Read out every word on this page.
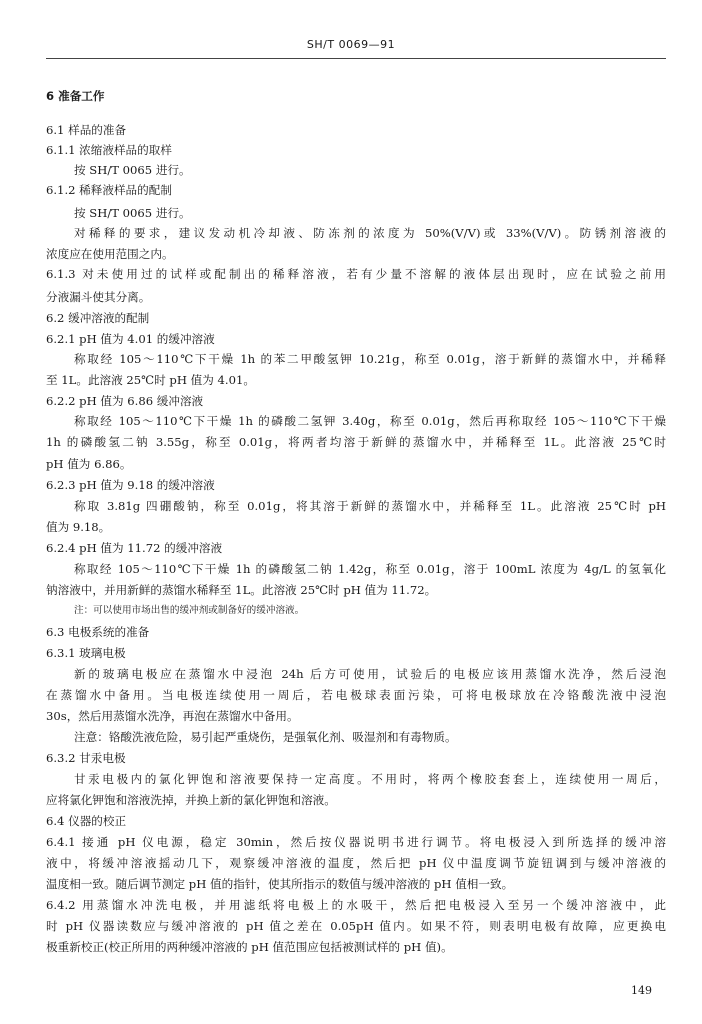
SH/T 0069—91
6 准备工作
6.1 样品的准备
6.1.1 浓缩液样品的取样
按 SH/T 0065 进行。
6.1.2 稀释液样品的配制
按 SH/T 0065 进行。
对稀释的要求，建议发动机冷却液、防冻剂的浓度为 50%(V/V)或 33%(V/V)。防锈剂溶液的
浓度应在使用范围之内。
6.1.3 对未使用过的试样或配制出的稀释溶液，若有少量不溶解的液体层出现时，应在试验之前用
分液漏斗使其分离。
6.2 缓冲溶液的配制
6.2.1 pH 值为 4.01 的缓冲溶液
称取经 105～110℃下干燥 1h 的苯二甲酸氢钾 10.21g，称至 0.01g，溶于新鲜的蒸馏水中，并稀释
至 1L。此溶液 25℃时 pH 值为 4.01。
6.2.2 pH 值为 6.86 缓冲溶液
称取经 105～110℃下干燥 1h 的磷酸二氢钾 3.40g，称至 0.01g，然后再称取经 105～110℃下干燥
1h 的磷酸氢二钠 3.55g，称至 0.01g，将两者均溶于新鲜的蒸馏水中，并稀释至 1L。此溶液 25℃时
pH 值为 6.86。
6.2.3 pH 值为 9.18 的缓冲溶液
称取 3.81g 四硼酸钠，称至 0.01g，将其溶于新鲜的蒸馏水中，并稀释至 1L。此溶液 25℃时 pH
值为 9.18。
6.2.4 pH 值为 11.72 的缓冲溶液
称取经 105～110℃下干燥 1h 的磷酸氢二钠 1.42g，称至 0.01g，溶于 100mL 浓度为 4g/L 的氢氧化
钠溶液中，并用新鲜的蒸馏水稀释至 1L。此溶液 25℃时 pH 值为 11.72。
注：可以使用市场出售的缓冲剂或制备好的缓冲溶液。
6.3 电极系统的准备
6.3.1 玻璃电极
新的玻璃电极应在蒸馏水中浸泡 24h 后方可使用，试验后的电极应该用蒸馏水洗净，然后浸泡
在蒸馏水中备用。当电极连续使用一周后，若电极球表面污染，可将电极球放在冷铬酸洗液中浸泡
30s，然后用蒸馏水洗净，再泡在蒸馏水中备用。
注意：铬酸洗液危险，易引起严重烧伤，是强氧化剂、吸湿剂和有毒物质。
6.3.2 甘汞电极
甘汞电极内的氯化钾饱和溶液要保持一定高度。不用时，将两个橡胶套套上，连续使用一周后，
应将氯化钾饱和溶液洗掉，并换上新的氯化钾饱和溶液。
6.4 仪器的校正
6.4.1 接通 pH 仪电源，稳定 30min，然后按仪器说明书进行调节。将电极浸入到所选择的缓冲溶
液中，将缓冲溶液摇动几下，观察缓冲溶液的温度，然后把 pH 仪中温度调节旋钮调到与缓冲溶液的
温度相一致。随后调节测定 pH 值的指针，使其所指示的数值与缓冲溶液的 pH 值相一致。
6.4.2 用蒸馏水冲洗电极，并用滤纸将电极上的水吸干，然后把电极浸入至另一个缓冲溶液中，此
时 pH 仪器读数应与缓冲溶液的 pH 值之差在 0.05pH 值内。如果不符，则表明电极有故障，应更换电
极重新校正(校正所用的两种缓冲溶液的 pH 值范围应包括被测试样的 pH 值)。
149
